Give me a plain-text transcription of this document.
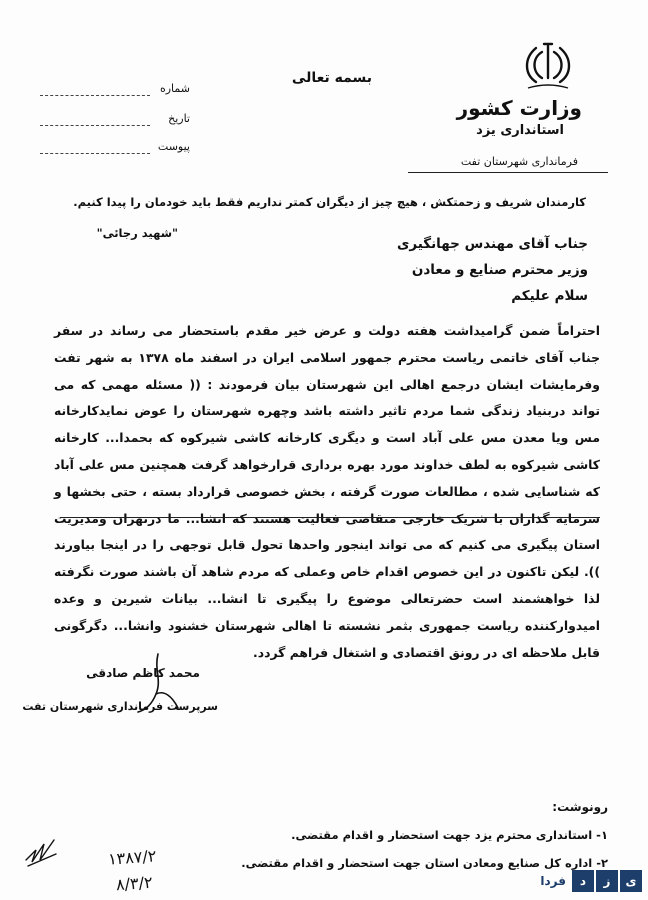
وزارت کشور
استانداری یزد
فرمانداری شهرستان تفت
بسمه تعالی
شماره
تاریخ
پیوست
کارمندان شریف و زحمتکش ، هیچ چیز از دیگران کمتر نداریم فقط باید خودمان را پیدا کنیم.
"شهید رجائی"
جناب آقای مهندس جهانگیری
وزیر محترم صنایع و معادن
سلام علیکم
احتراماً ضمن گرامیداشت هفته دولت و عرض خیر مقدم باستحضار می رساند در سفر جناب آقای خاتمی ریاست محترم جمهور اسلامی ایران در اسفند ماه ۱۳۷۸ به شهر تفت وفرمایشات ایشان درجمع اهالی این شهرستان بیان فرمودند : (( مسئله مهمی که می تواند دربنیاد زندگی شما مردم تاثیر داشته باشد وچهره شهرستان را عوض نمایدکارخانه مس ویا معدن مس علی آباد است و دیگری کارخانه کاشی شیرکوه که بحمدا... کارخانه کاشی شیرکوه به لطف خداوند مورد بهره برداری قرارخواهد گرفت همچنین مس علی آباد که شناسایی شده ، مطالعات صورت گرفته ، بخش خصوصی قرارداد بسته ، حتی بخشها و سرمایه گذاران با شریک خارجی متقاضی فعالیت هستند که انشا... ما درتهران ومدیریت استان پیگیری می کنیم که می تواند اینجور واحدها تحول قابل توجهی را در اینجا بیاورند )). لیکن تاکنون در این خصوص اقدام خاص وعملی که مردم شاهد آن باشند صورت نگرفته لذا خواهشمند است حضرتعالی موضوع را پیگیری تا انشا... بیانات شیرین و وعده امیدوارکننده ریاست جمهوری بثمر نشسته تا اهالی شهرستان خشنود وانشا... دگرگونی قابل ملاحظه ای در رونق اقتصادی و اشتغال فراهم گردد.
محمد کاظم صادقی
سرپرست فرمانداری شهرستان تفت
رونوشت:
۱- استانداری محترم یزد جهت استحضار و اقدام مقتضی.
۲- اداره کل صنایع ومعادن استان جهت استحضار و اقدام مقتضی.
۱۳۸۷/۲
۸/۳/۲	ی
ز
د
فردا
